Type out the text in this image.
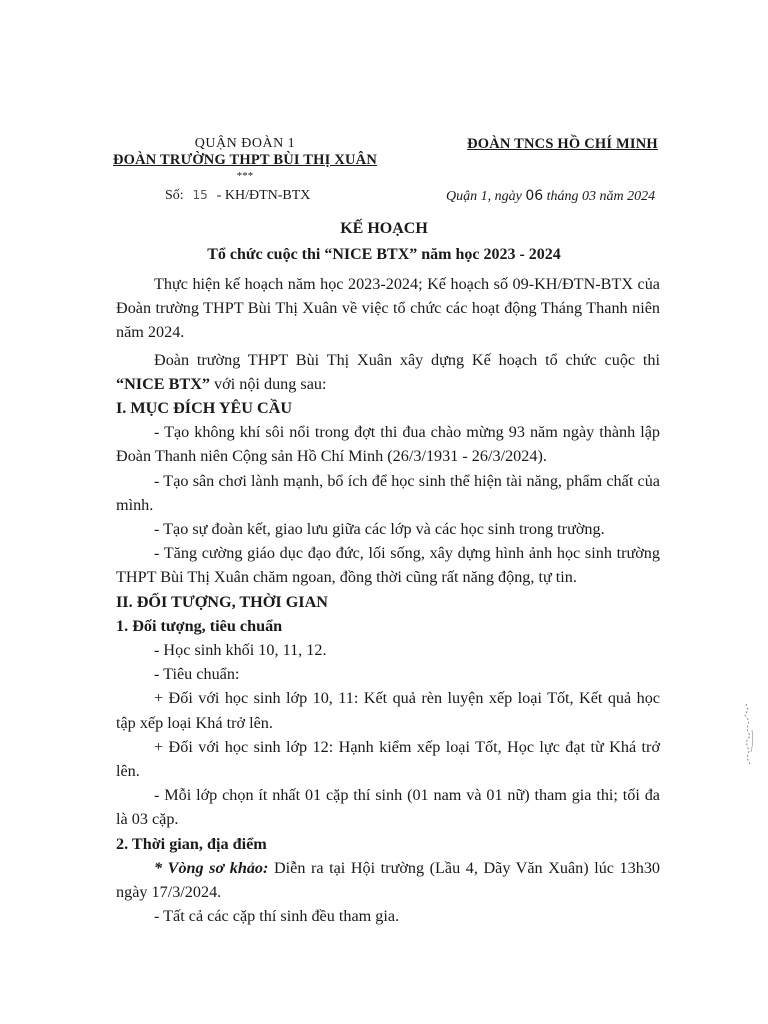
QUẬN ĐOÀN 1
ĐOÀN TRƯỜNG THPT BÙI THỊ XUÂN
***
ĐOÀN TNCS HỒ CHÍ MINH
Số: 15 - KH/ĐTN-BTX	Quận 1, ngày 06 tháng 03 năm 2024
KẾ HOẠCH
Tổ chức cuộc thi “NICE BTX” năm học 2023 - 2024

Thực hiện kế hoạch năm học 2023-2024; Kế hoạch số 09-KH/ĐTN-BTX của Đoàn trường THPT Bùi Thị Xuân về việc tổ chức các hoạt động Tháng Thanh niên năm 2024.

Đoàn trường THPT Bùi Thị Xuân xây dựng Kế hoạch tổ chức cuộc thi “NICE BTX” với nội dung sau:

I. MỤC ĐÍCH YÊU CẦU

- Tạo không khí sôi nổi trong đợt thi đua chào mừng 93 năm ngày thành lập Đoàn Thanh niên Cộng sản Hồ Chí Minh (26/3/1931 - 26/3/2024).

- Tạo sân chơi lành mạnh, bổ ích để học sinh thể hiện tài năng, phẩm chất của mình.

- Tạo sự đoàn kết, giao lưu giữa các lớp và các học sinh trong trường.

- Tăng cường giáo dục đạo đức, lối sống, xây dựng hình ảnh học sinh trường THPT Bùi Thị Xuân chăm ngoan, đồng thời cũng rất năng động, tự tin.

II. ĐỐI TƯỢNG, THỜI GIAN

1. Đối tượng, tiêu chuẩn

- Học sinh khối 10, 11, 12.

- Tiêu chuẩn:

+ Đối với học sinh lớp 10, 11: Kết quả rèn luyện xếp loại Tốt, Kết quả học tập xếp loại Khá trở lên.

+ Đối với học sinh lớp 12: Hạnh kiểm xếp loại Tốt, Học lực đạt từ Khá trở lên.

- Mỗi lớp chọn ít nhất 01 cặp thí sinh (01 nam và 01 nữ) tham gia thi; tối đa là 03 cặp.

2. Thời gian, địa điểm

* Vòng sơ khảo: Diễn ra tại Hội trường (Lầu 4, Dãy Văn Xuân) lúc 13h30 ngày 17/3/2024.

- Tất cả các cặp thí sinh đều tham gia.
